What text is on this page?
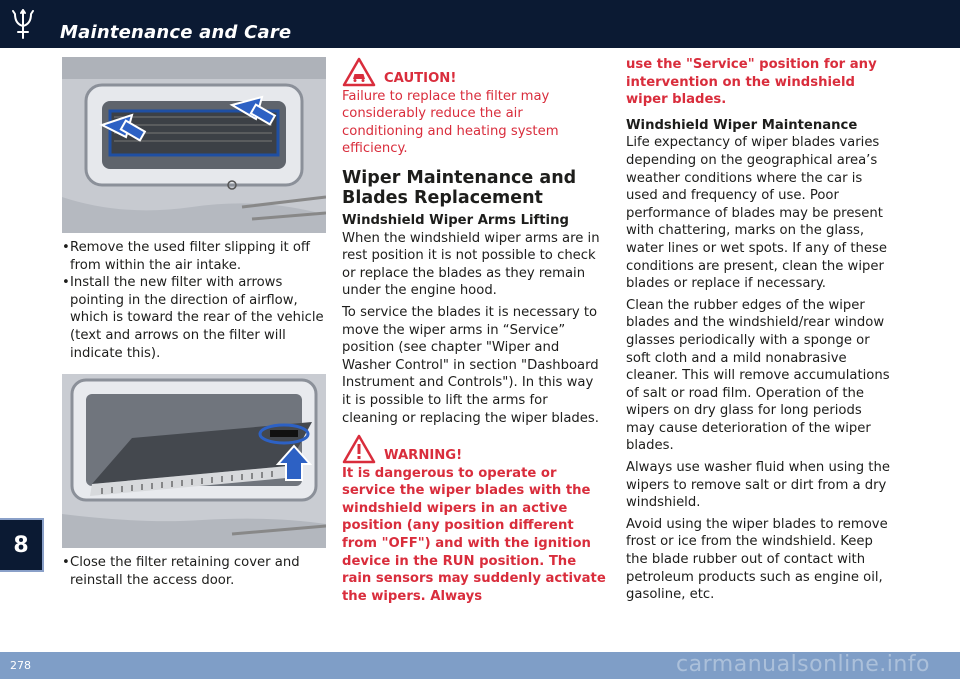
Maintenance and Care
8
• Remove the used filter slipping it off from within the air intake.
• Install the new filter with arrows pointing in the direction of airflow, which is toward the rear of the vehicle (text and arrows on the filter will indicate this).
• Close the filter retaining cover and reinstall the access door.
CAUTION!

Failure to replace the filter may considerably reduce the air conditioning and heating system efficiency.

Wiper Maintenance and Blades Replacement
Windshield Wiper Arms Lifting

When the windshield wiper arms are in rest position it is not possible to check or replace the blades as they remain under the engine hood.

To service the blades it is necessary to move the wiper arms in “Service” position (see chapter "Wiper and Washer Control" in section "Dashboard Instrument and Controls"). In this way it is possible to lift the arms for cleaning or replacing the wiper blades.

WARNING!

It is dangerous to operate or service the wiper blades with the windshield wipers in an active position (any position different from "OFF") and with the ignition device in the RUN position. The rain sensors may suddenly activate the wipers. Always

use the "Service" position for any intervention on the windshield wiper blades.

Windshield Wiper Maintenance

Life expectancy of wiper blades varies depending on the geographical area’s weather conditions where the car is used and frequency of use. Poor performance of blades may be present with chattering, marks on the glass, water lines or wet spots. If any of these conditions are present, clean the wiper blades or replace if necessary.

Clean the rubber edges of the wiper blades and the windshield/rear window glasses periodically with a sponge or soft cloth and a mild nonabrasive cleaner. This will remove accumulations of salt or road film. Operation of the wipers on dry glass for long periods may cause deterioration of the wiper blades.

Always use washer fluid when using the wipers to remove salt or dirt from a dry windshield.

Avoid using the wiper blades to remove frost or ice from the windshield. Keep the blade rubber out of contact with petroleum products such as engine oil, gasoline, etc.

278	carmanualsonline.info
